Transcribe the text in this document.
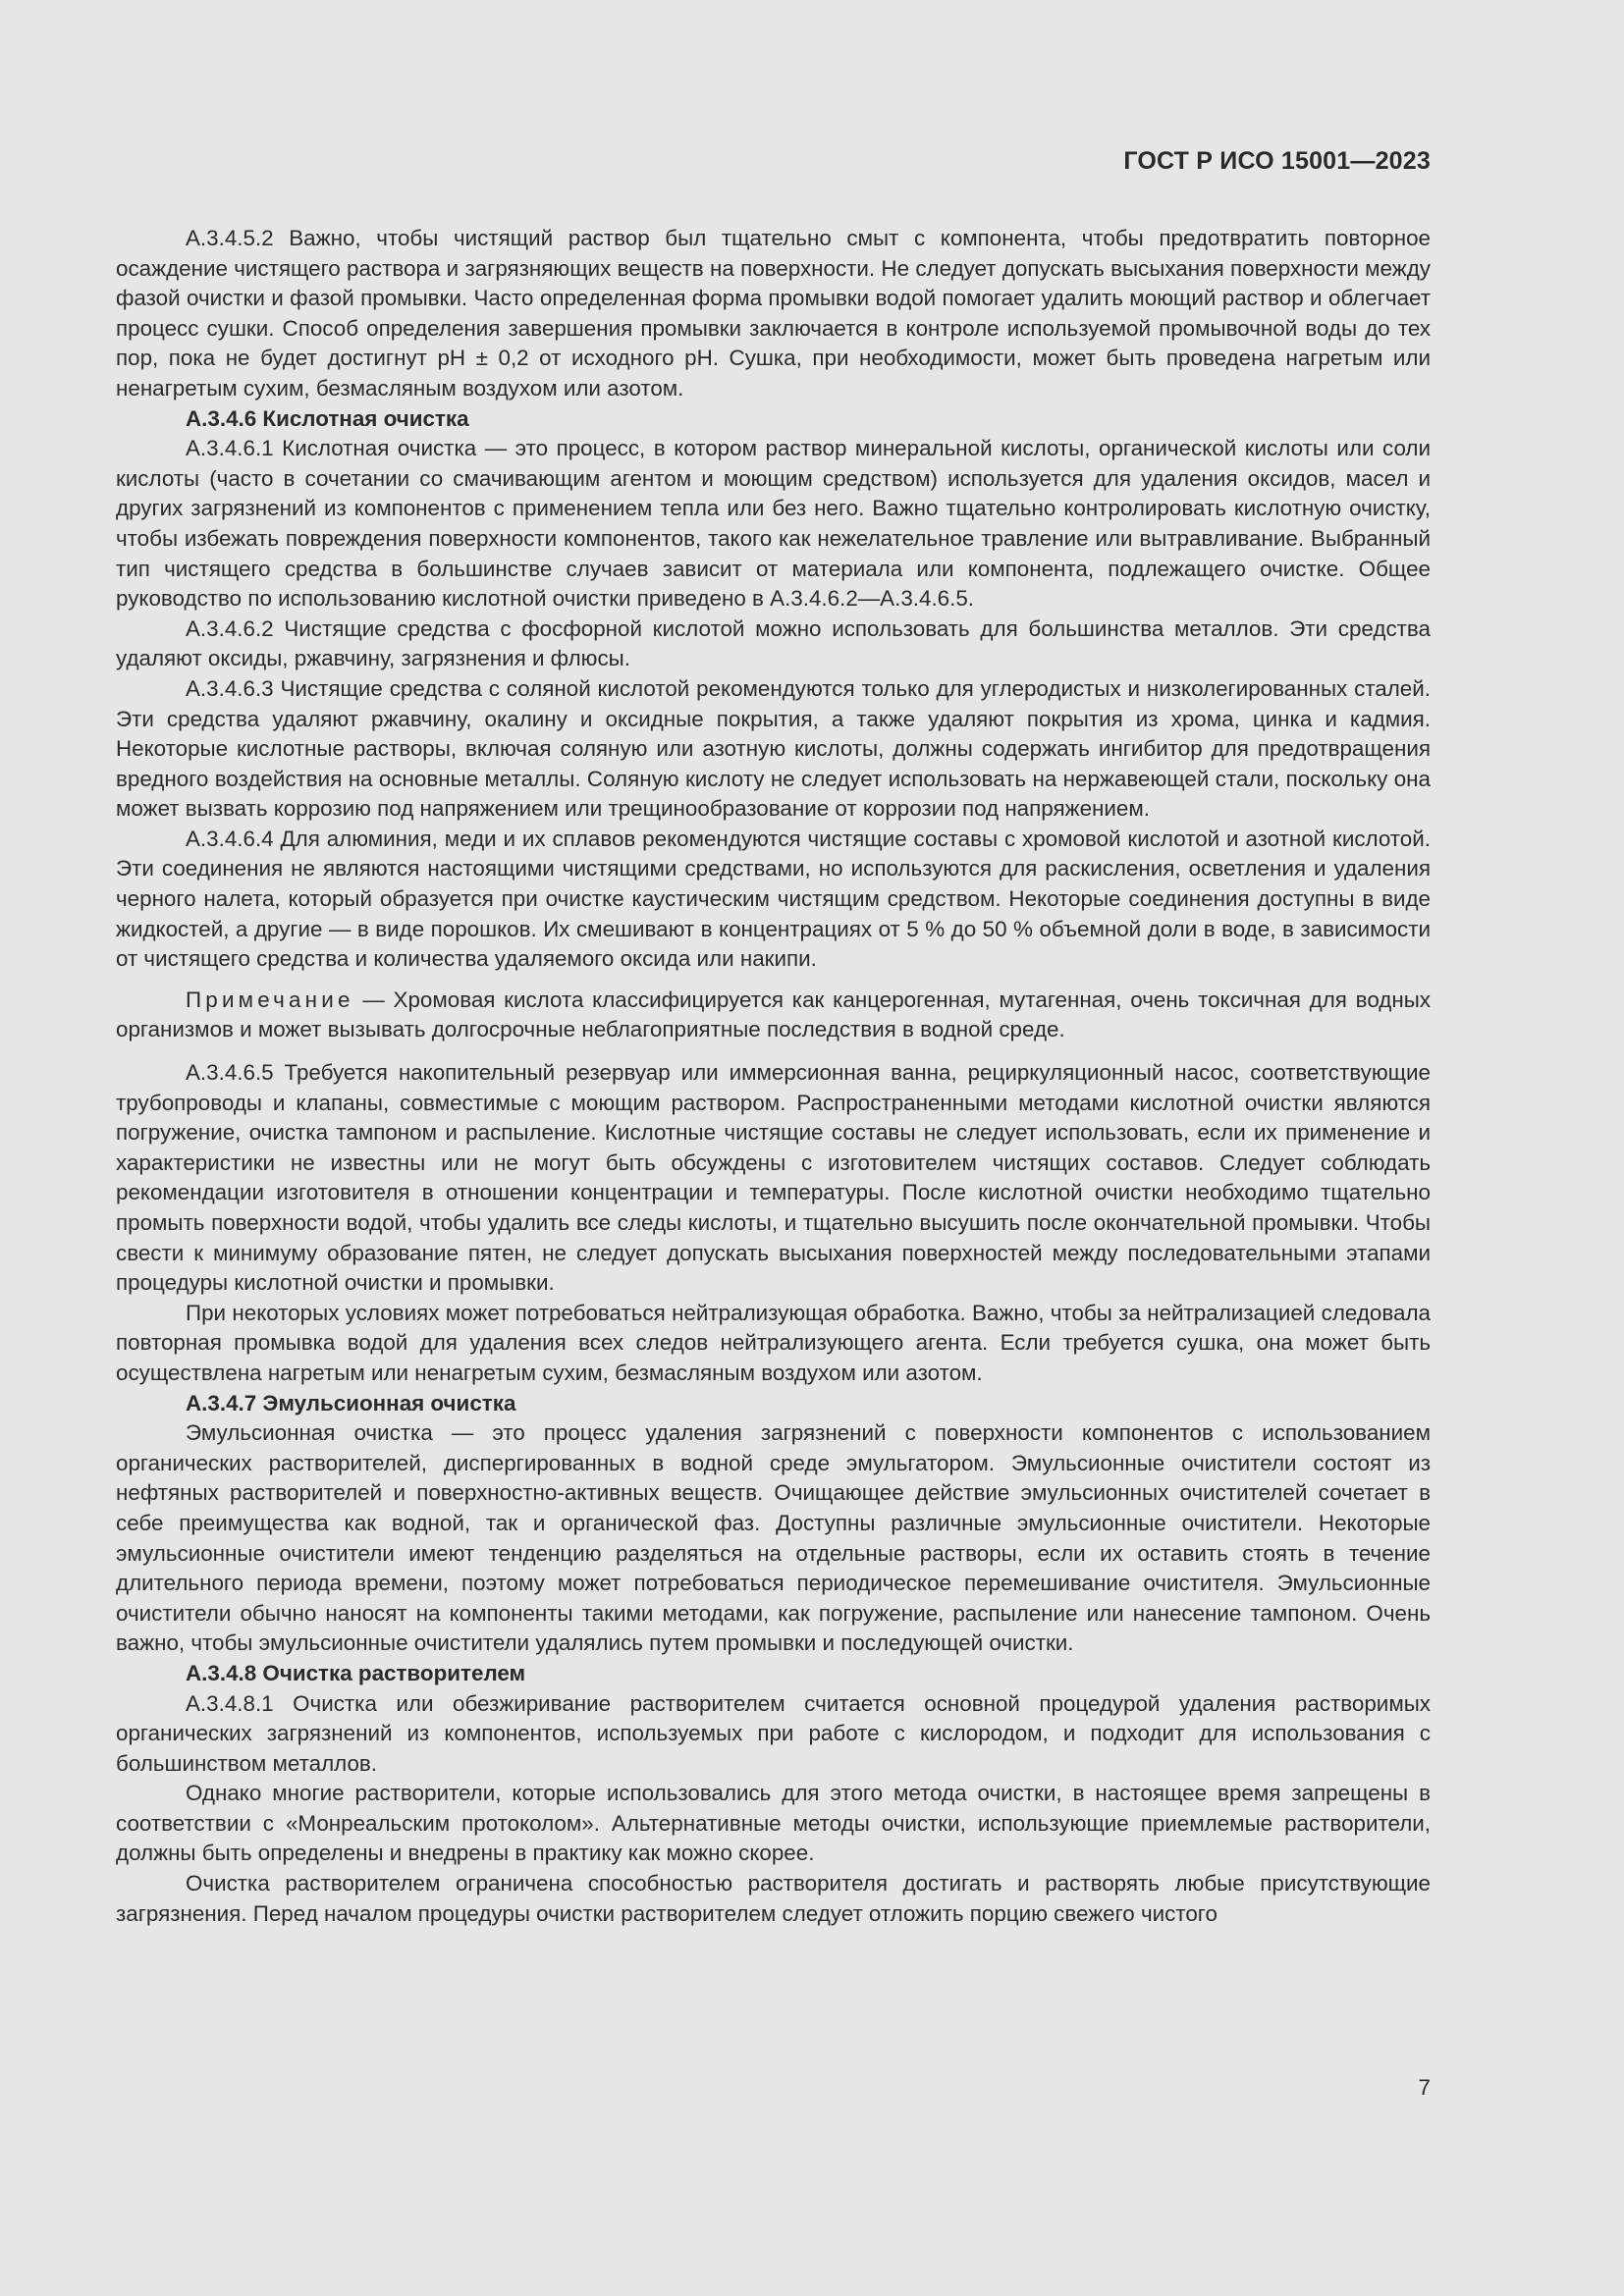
ГОСТ Р ИСО 15001—2023

А.3.4.5.2 Важно, чтобы чистящий раствор был тщательно смыт с компонента, чтобы предотвратить повторное осаждение чистящего раствора и загрязняющих веществ на поверхности. Не следует допускать высыхания поверхности между фазой очистки и фазой промывки. Часто определенная форма промывки водой помогает удалить моющий раствор и облегчает процесс сушки. Способ определения завершения промывки заключается в контроле используемой промывочной воды до тех пор, пока не будет достигнут pH ± 0,2 от исходного pH. Сушка, при необходимости, может быть проведена нагретым или ненагретым сухим, безмасляным воздухом или азотом.

А.3.4.6 Кислотная очистка

А.3.4.6.1 Кислотная очистка — это процесс, в котором раствор минеральной кислоты, органической кислоты или соли кислоты (часто в сочетании со смачивающим агентом и моющим средством) используется для удаления оксидов, масел и других загрязнений из компонентов с применением тепла или без него. Важно тщательно контролировать кислотную очистку, чтобы избежать повреждения поверхности компонентов, такого как нежелательное травление или вытравливание. Выбранный тип чистящего средства в большинстве случаев зависит от материала или компонента, подлежащего очистке. Общее руководство по использованию кислотной очистки приведено в А.3.4.6.2—А.3.4.6.5.

А.3.4.6.2 Чистящие средства с фосфорной кислотой можно использовать для большинства металлов. Эти средства удаляют оксиды, ржавчину, загрязнения и флюсы.

А.3.4.6.3 Чистящие средства с соляной кислотой рекомендуются только для углеродистых и низколегированных сталей. Эти средства удаляют ржавчину, окалину и оксидные покрытия, а также удаляют покрытия из хрома, цинка и кадмия. Некоторые кислотные растворы, включая соляную или азотную кислоты, должны содержать ингибитор для предотвращения вредного воздействия на основные металлы. Соляную кислоту не следует использовать на нержавеющей стали, поскольку она может вызвать коррозию под напряжением или трещинообразование от коррозии под напряжением.

А.3.4.6.4 Для алюминия, меди и их сплавов рекомендуются чистящие составы с хромовой кислотой и азотной кислотой. Эти соединения не являются настоящими чистящими средствами, но используются для раскисления, осветления и удаления черного налета, который образуется при очистке каустическим чистящим средством. Некоторые соединения доступны в виде жидкостей, а другие — в виде порошков. Их смешивают в концентрациях от 5 % до 50 % объемной доли в воде, в зависимости от чистящего средства и количества удаляемого оксида или накипи.

Примечание — Хромовая кислота классифицируется как канцерогенная, мутагенная, очень токсичная для водных организмов и может вызывать долгосрочные неблагоприятные последствия в водной среде.

А.3.4.6.5 Требуется накопительный резервуар или иммерсионная ванна, рециркуляционный насос, соответствующие трубопроводы и клапаны, совместимые с моющим раствором. Распространенными методами кислотной очистки являются погружение, очистка тампоном и распыление. Кислотные чистящие составы не следует использовать, если их применение и характеристики не известны или не могут быть обсуждены с изготовителем чистящих составов. Следует соблюдать рекомендации изготовителя в отношении концентрации и температуры. После кислотной очистки необходимо тщательно промыть поверхности водой, чтобы удалить все следы кислоты, и тщательно высушить после окончательной промывки. Чтобы свести к минимуму образование пятен, не следует допускать высыхания поверхностей между последовательными этапами процедуры кислотной очистки и промывки.

При некоторых условиях может потребоваться нейтрализующая обработка. Важно, чтобы за нейтрализацией следовала повторная промывка водой для удаления всех следов нейтрализующего агента. Если требуется сушка, она может быть осуществлена нагретым или ненагретым сухим, безмасляным воздухом или азотом.

А.3.4.7 Эмульсионная очистка

Эмульсионная очистка — это процесс удаления загрязнений с поверхности компонентов с использованием органических растворителей, диспергированных в водной среде эмульгатором. Эмульсионные очистители состоят из нефтяных растворителей и поверхностно-активных веществ. Очищающее действие эмульсионных очистителей сочетает в себе преимущества как водной, так и органической фаз. Доступны различные эмульсионные очистители. Некоторые эмульсионные очистители имеют тенденцию разделяться на отдельные растворы, если их оставить стоять в течение длительного периода времени, поэтому может потребоваться периодическое перемешивание очистителя. Эмульсионные очистители обычно наносят на компоненты такими методами, как погружение, распыление или нанесение тампоном. Очень важно, чтобы эмульсионные очистители удалялись путем промывки и последующей очистки.

А.3.4.8 Очистка растворителем

А.3.4.8.1 Очистка или обезжиривание растворителем считается основной процедурой удаления растворимых органических загрязнений из компонентов, используемых при работе с кислородом, и подходит для использования с большинством металлов.

Однако многие растворители, которые использовались для этого метода очистки, в настоящее время запрещены в соответствии с «Монреальским протоколом». Альтернативные методы очистки, использующие приемлемые растворители, должны быть определены и внедрены в практику как можно скорее.

Очистка растворителем ограничена способностью растворителя достигать и растворять любые присутствующие загрязнения. Перед началом процедуры очистки растворителем следует отложить порцию свежего чистого

7
